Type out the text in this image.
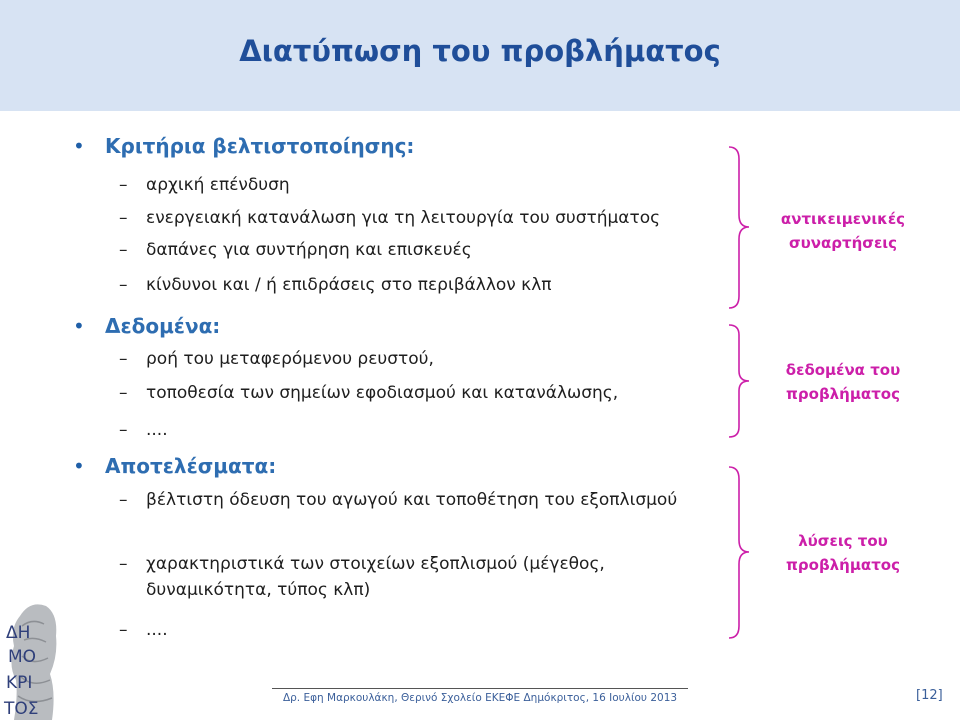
Διατύπωση του προβλήματος
•	Κριτήρια βελτιστοποίησης:
–	αρχική επένδυση
–	ενεργειακή κατανάλωση για τη λειτουργία του συστήματος
–	δαπάνες για συντήρηση και επισκευές
–	κίνδυνοι και / ή επιδράσεις στο περιβάλλον κλπ
•	Δεδομένα:
–	ροή του μεταφερόμενου ρευστού,
–	τοποθεσία των σημείων εφοδιασμού και κατανάλωσης,
–	....
•	Αποτελέσματα:
–	βέλτιστη όδευση του αγωγού και τοποθέτηση του εξοπλισμού
–	χαρακτηριστικά των στοιχείων εξοπλισμού (μέγεθος, δυναμικότητα, τύπος κλπ)
–	....
αντικειμενικές
συναρτήσεις
δεδομένα του
προβλήματος
λύσεις του
προβλήματος
ΔΗ
ΜΟ
ΚΡΙ
ΤΟΣ
Δρ. Εφη Μαρκουλάκη, Θερινό Σχολείο ΕΚΕΦΕ Δημόκριτος, 16 Ιουλίου 2013	[12]
